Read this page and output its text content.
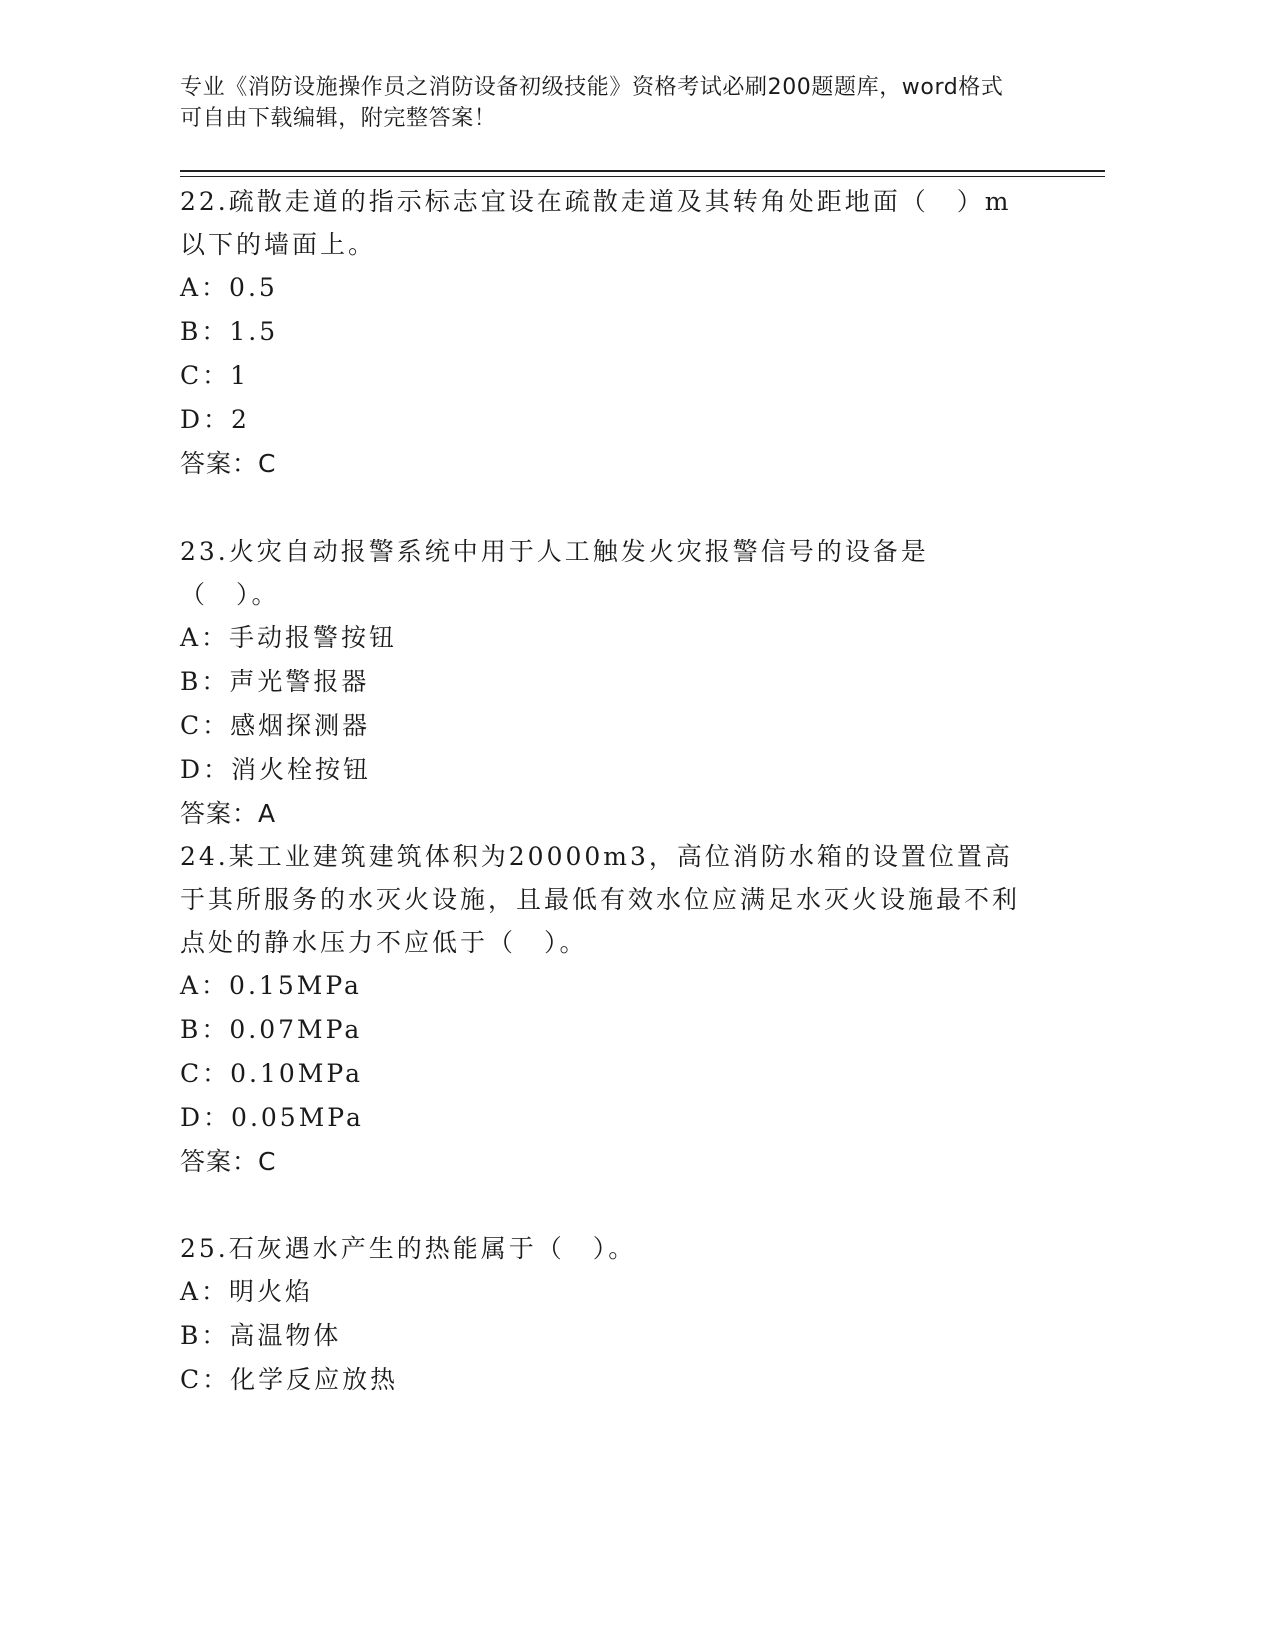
专业《消防设施操作员之消防设备初级技能》资格考试必刷200题题库，word格式可自由下载编辑，附完整答案！
22.疏散走道的指示标志宜设在疏散走道及其转角处距地面（　）m以下的墙面上。
A：0.5
B：1.5
C：1
D：2
答案：C
23.火灾自动报警系统中用于人工触发火灾报警信号的设备是（　）。
A：手动报警按钮
B：声光警报器
C：感烟探测器
D：消火栓按钮
答案：A
24.某工业建筑建筑体积为20000m3，高位消防水箱的设置位置高于其所服务的水灭火设施，且最低有效水位应满足水灭火设施最不利点处的静水压力不应低于（　）。
A：0.15MPa
B：0.07MPa
C：0.10MPa
D：0.05MPa
答案：C
25.石灰遇水产生的热能属于（　）。
A：明火焰
B：高温物体
C：化学反应放热
